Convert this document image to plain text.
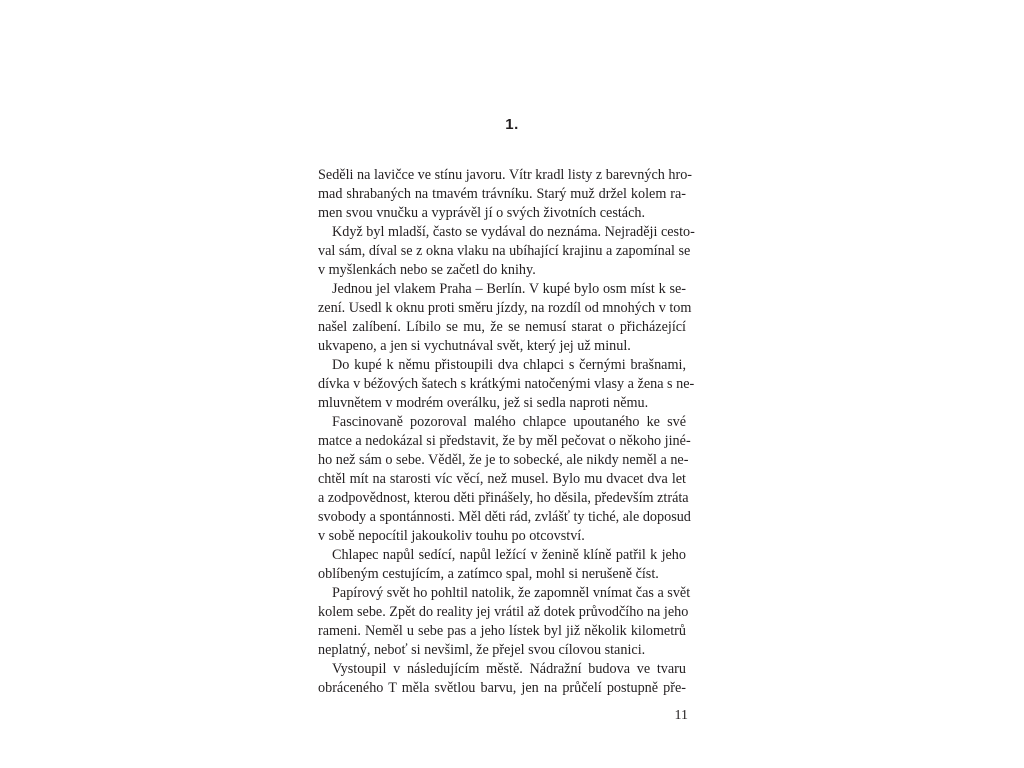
1.
Seděli na lavičce ve stínu javoru. Vítr kradl listy z barevných hro-
mad shrabaných na tmavém trávníku. Starý muž držel kolem ra-
men svou vnučku a vyprávěl jí o svých životních cestách.
Když byl mladší, často se vydával do neznáma. Nejraději cesto-
val sám, díval se z okna vlaku na ubíhající krajinu a zapomínal se
v myšlenkách nebo se začetl do knihy.
Jednou jel vlakem Praha – Berlín. V kupé bylo osm míst k se-
zení. Usedl k oknu proti směru jízdy, na rozdíl od mnohých v tom
našel zalíbení. Líbilo se mu, že se nemusí starat o přicházející
ukvapeno, a jen si vychutnával svět, který jej už minul.
Do kupé k němu přistoupili dva chlapci s černými brašnami,
dívka v béžových šatech s krátkými natočenými vlasy a žena s ne-
mluvnětem v modrém overálku, jež si sedla naproti němu.
Fascinovaně pozoroval malého chlapce upoutaného ke své
matce a nedokázal si představit, že by měl pečovat o někoho jiné-
ho než sám o sebe. Věděl, že je to sobecké, ale nikdy neměl a ne-
chtěl mít na starosti víc věcí, než musel. Bylo mu dvacet dva let
a zodpovědnost, kterou děti přinášely, ho děsila, především ztráta
svobody a spontánnosti. Měl děti rád, zvlášť ty tiché, ale doposud
v sobě nepocítil jakoukoliv touhu po otcovství.
Chlapec napůl sedící, napůl ležící v ženině klíně patřil k jeho
oblíbeným cestujícím, a zatímco spal, mohl si nerušeně číst.
Papírový svět ho pohltil natolik, že zapomněl vnímat čas a svět
kolem sebe. Zpět do reality jej vrátil až dotek průvodčího na jeho
rameni. Neměl u sebe pas a jeho lístek byl již několik kilometrů
neplatný, neboť si nevšiml, že přejel svou cílovou stanici.
Vystoupil v následujícím městě. Nádražní budova ve tvaru
obráceného T měla světlou barvu, jen na průčelí postupně pře-
11
